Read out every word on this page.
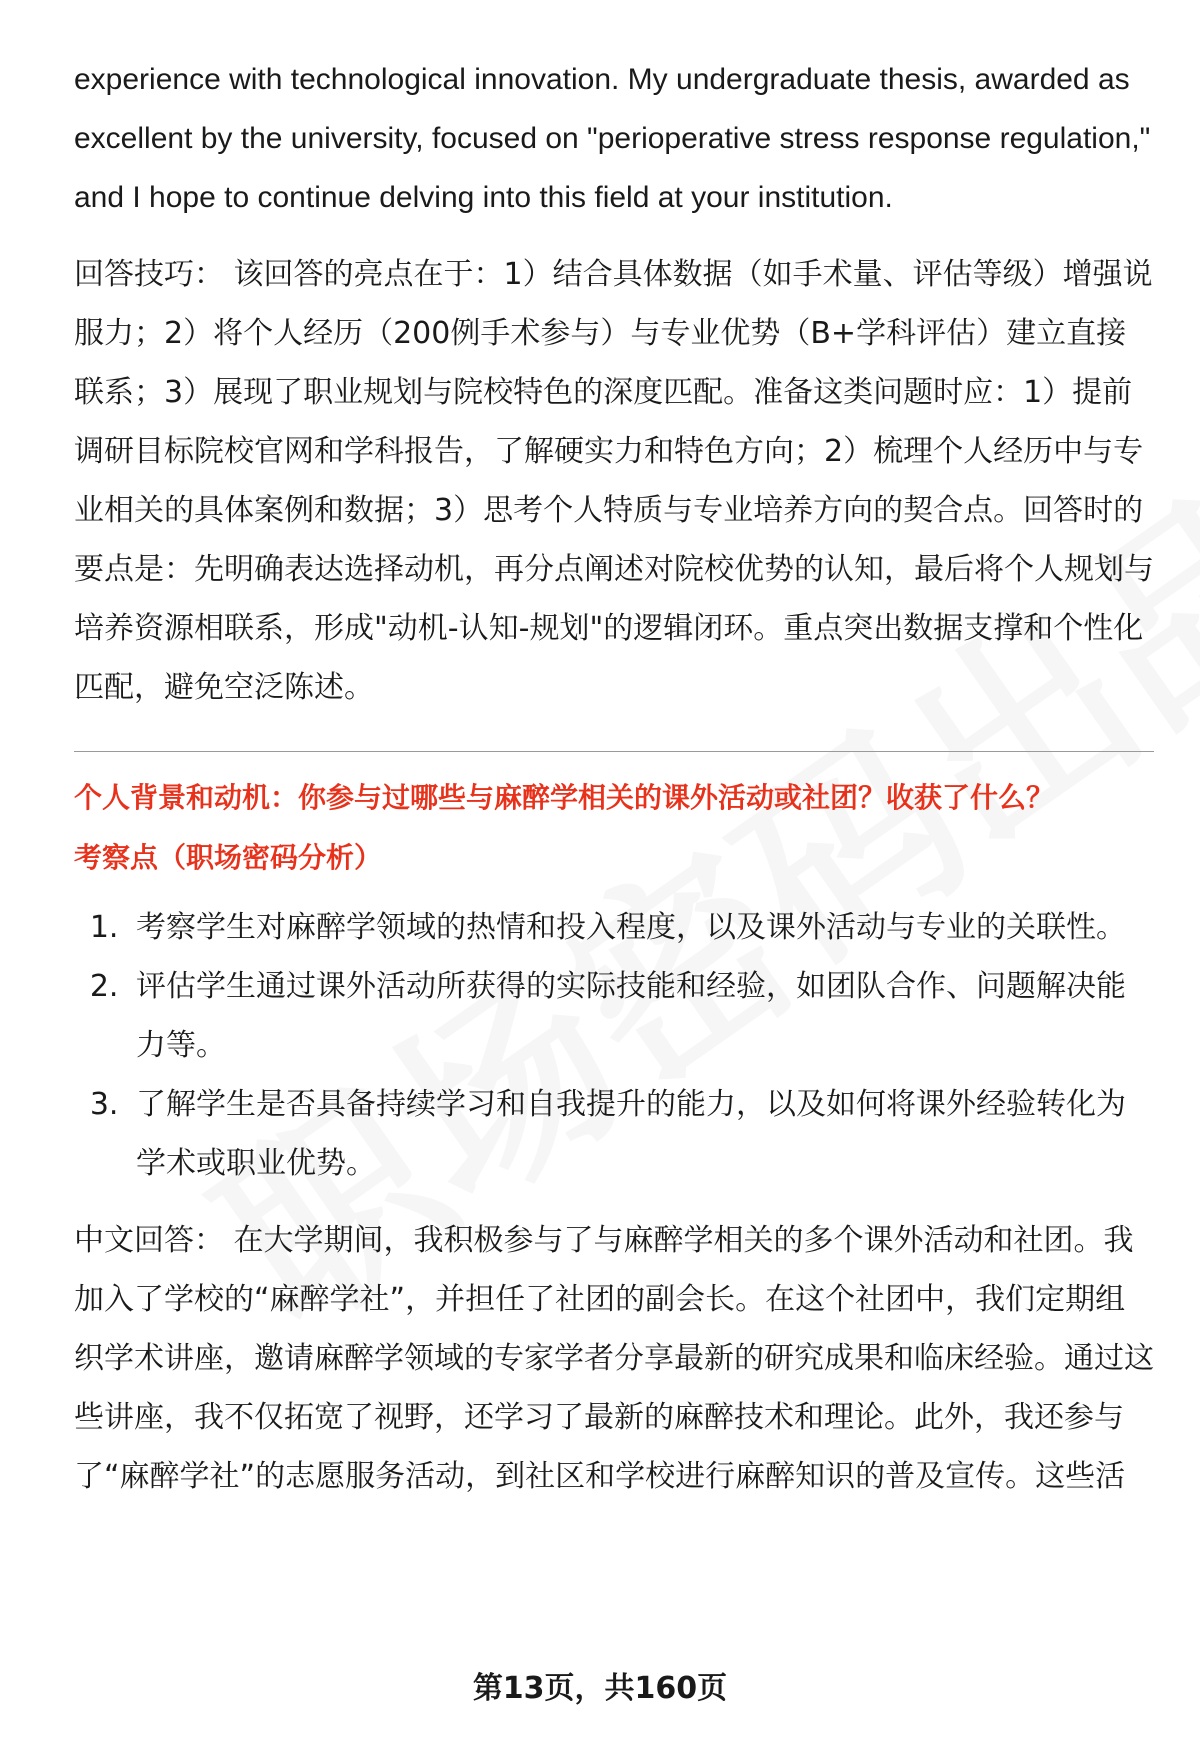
experience with technological innovation. My undergraduate thesis, awarded as excellent by the university, focused on "perioperative stress response regulation," and I hope to continue delving into this field at your institution.

回答技巧： 该回答的亮点在于：1）结合具体数据（如手术量、评估等级）增强说服力；2）将个人经历（200例手术参与）与专业优势（B+学科评估）建立直接联系；3）展现了职业规划与院校特色的深度匹配。准备这类问题时应：1）提前调研目标院校官网和学科报告，了解硬实力和特色方向；2）梳理个人经历中与专业相关的具体案例和数据；3）思考个人特质与专业培养方向的契合点。回答时的要点是：先明确表达选择动机，再分点阐述对院校优势的认知，最后将个人规划与培养资源相联系，形成"动机-认知-规划"的逻辑闭环。重点突出数据支撑和个性化匹配，避免空泛陈述。

个人背景和动机：你参与过哪些与麻醉学相关的课外活动或社团？收获了什么？

考察点（职场密码分析）

1. 考察学生对麻醉学领域的热情和投入程度，以及课外活动与专业的关联性。
2. 评估学生通过课外活动所获得的实际技能和经验，如团队合作、问题解决能力等。
3. 了解学生是否具备持续学习和自我提升的能力，以及如何将课外经验转化为学术或职业优势。

中文回答： 在大学期间，我积极参与了与麻醉学相关的多个课外活动和社团。我加入了学校的“麻醉学社”，并担任了社团的副会长。在这个社团中，我们定期组织学术讲座，邀请麻醉学领域的专家学者分享最新的研究成果和临床经验。通过这些讲座，我不仅拓宽了视野，还学习了最新的麻醉技术和理论。此外，我还参与了“麻醉学社”的志愿服务活动，到社区和学校进行麻醉知识的普及宣传。这些活

第13页，共160页
